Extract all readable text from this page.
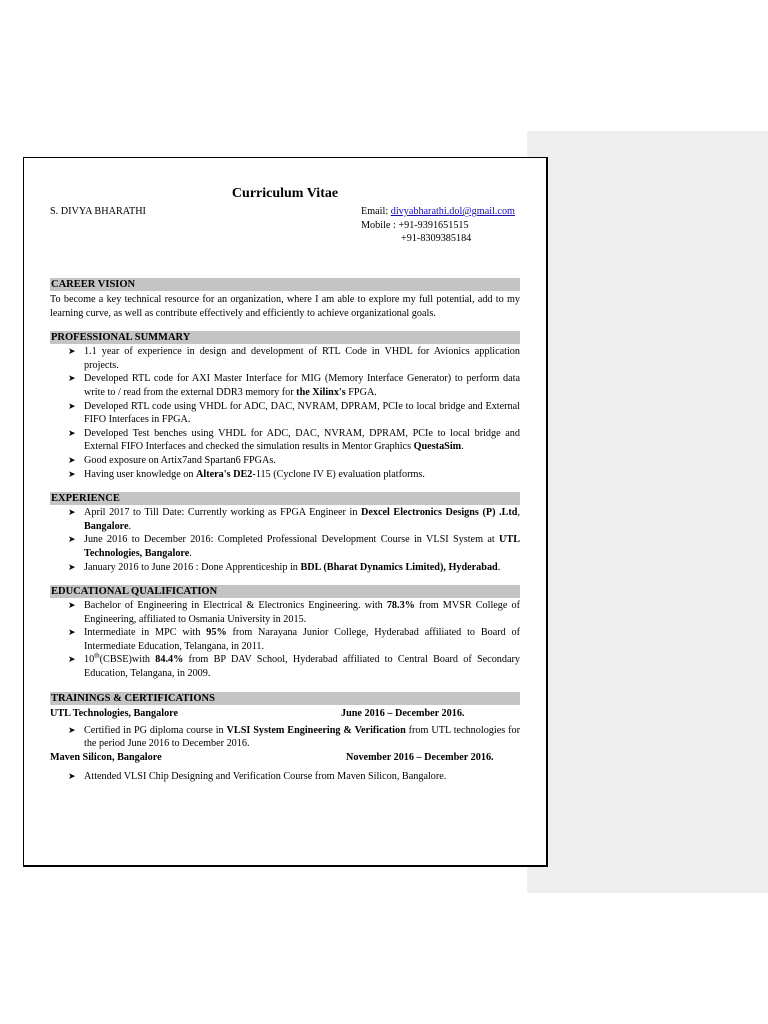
Curriculum Vitae
S. DIVYA BHARATHI	Email: divyabharathi.dol@gmail.com
Mobile : +91-9391651515
+91-8309385184
CAREER VISION
To become a key technical resource for an organization, where I am able to explore my full potential, add to my learning curve, as well as contribute effectively and efficiently to achieve organizational goals.
PROFESSIONAL SUMMARY
➤ 1.1 year of experience in design and development of RTL Code in VHDL for Avionics application projects.
➤ Developed RTL code for AXI Master Interface for MIG (Memory Interface Generator) to perform data write to / read from the external DDR3 memory for the Xilinx's FPGA.
➤ Developed RTL code using VHDL for ADC, DAC, NVRAM, DPRAM, PCIe to local bridge and External FIFO Interfaces in FPGA.
➤ Developed Test benches using VHDL for ADC, DAC, NVRAM, DPRAM, PCIe to local bridge and External FIFO Interfaces and checked the simulation results in Mentor Graphics QuestaSim.
➤ Good exposure on Artix7and Spartan6 FPGAs.
➤ Having user knowledge on Altera's DE2-115 (Cyclone IV E) evaluation platforms.
EXPERIENCE
➤ April 2017 to Till Date: Currently working as FPGA Engineer in Dexcel Electronics Designs (P) .Ltd, Bangalore.
➤ June 2016 to December 2016: Completed Professional Development Course in VLSI System at UTL Technologies, Bangalore.
➤ January 2016 to June 2016 : Done Apprenticeship in BDL (Bharat Dynamics Limited), Hyderabad.
EDUCATIONAL QUALIFICATION
➤ Bachelor of Engineering in Electrical & Electronics Engineering. with 78.3% from MVSR College of Engineering, affiliated to Osmania University in 2015.
➤ Intermediate in MPC with 95% from Narayana Junior College, Hyderabad affiliated to Board of Intermediate Education, Telangana, in 2011.
➤ 10th(CBSE)with 84.4% from BP DAV School, Hyderabad affiliated to Central Board of Secondary Education, Telangana, in 2009.
TRAININGS & CERTIFICATIONS
UTL Technologies, Bangalore	June 2016 – December 2016.
➤ Certified in PG diploma course in VLSI System Engineering & Verification from UTL technologies for the period June 2016 to December 2016.
Maven Silicon, Bangalore	November 2016 – December 2016.
➤ Attended VLSI Chip Designing and Verification Course from Maven Silicon, Bangalore.
